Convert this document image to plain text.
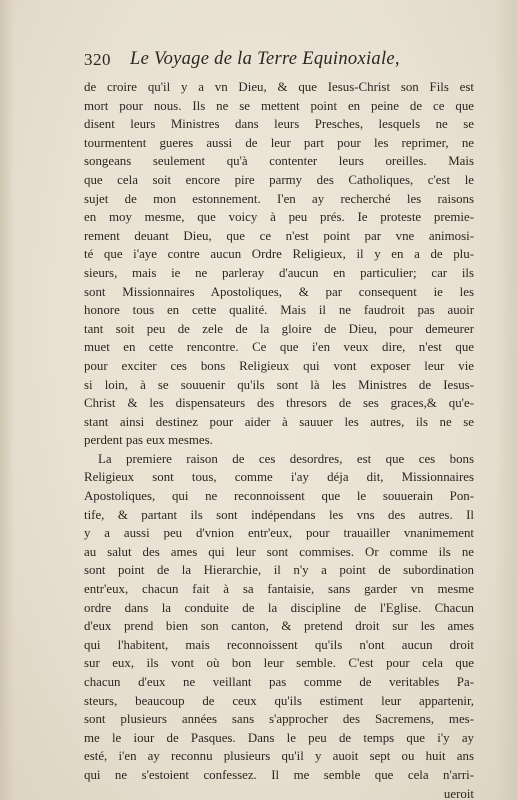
320 Le Voyage de la Terre Equinoxiale,
de croire qu'il y a vn Dieu, & que Iesus-Christ son Fils est
mort pour nous. Ils ne se mettent point en peine de ce que
disent leurs Ministres dans leurs Presches, lesquels ne se
tourmentent gueres aussi de leur part pour les reprimer, ne
songeans seulement qu'à contenter leurs oreilles. Mais
que cela soit encore pire parmy des Catholiques, c'est le
sujet de mon estonnement. I'en ay recherché les raisons
en moy mesme, que voicy à peu prés. Ie proteste premie-
rement deuant Dieu, que ce n'est point par vne animosi-
té que i'aye contre aucun Ordre Religieux, il y en a de plu-
sieurs, mais ie ne parleray d'aucun en particulier; car ils
sont Missionnaires Apostoliques, & par consequent ie les
honore tous en cette qualité. Mais il ne faudroit pas auoir
tant soit peu de zele de la gloire de Dieu, pour demeurer
muet en cette rencontre. Ce que i'en veux dire, n'est que
pour exciter ces bons Religieux qui vont exposer leur vie
si loin, à se souuenir qu'ils sont là les Ministres de Iesus-
Christ & les dispensateurs des thresors de ses graces,& qu'e-
stant ainsi destinez pour aider à sauuer les autres, ils ne se
perdent pas eux mesmes.
La premiere raison de ces desordres, est que ces bons
Religieux sont tous, comme i'ay déja dit, Missionnaires
Apostoliques, qui ne reconnoissent que le souuerain Pon-
tife, & partant ils sont indépendans les vns des autres. Il
y a aussi peu d'vnion entr'eux, pour trauailler vnanimement
au salut des ames qui leur sont commises. Or comme ils ne
sont point de la Hierarchie, il n'y a point de subordination
entr'eux, chacun fait à sa fantaisie, sans garder vn mesme
ordre dans la conduite de la discipline de l'Eglise. Chacun
d'eux prend bien son canton, & pretend droit sur les ames
qui l'habitent, mais reconnoissent qu'ils n'ont aucun droit
sur eux, ils vont où bon leur semble. C'est pour cela que
chacun d'eux ne veillant pas comme de veritables Pa-
steurs, beaucoup de ceux qu'ils estiment leur appartenir,
sont plusieurs années sans s'approcher des Sacremens, mes-
me le iour de Pasques. Dans le peu de temps que i'y ay
esté, i'en ay reconnu plusieurs qu'il y auoit sept ou huit ans
qui ne s'estoient confessez. Il me semble que cela n'arri-
ueroit
